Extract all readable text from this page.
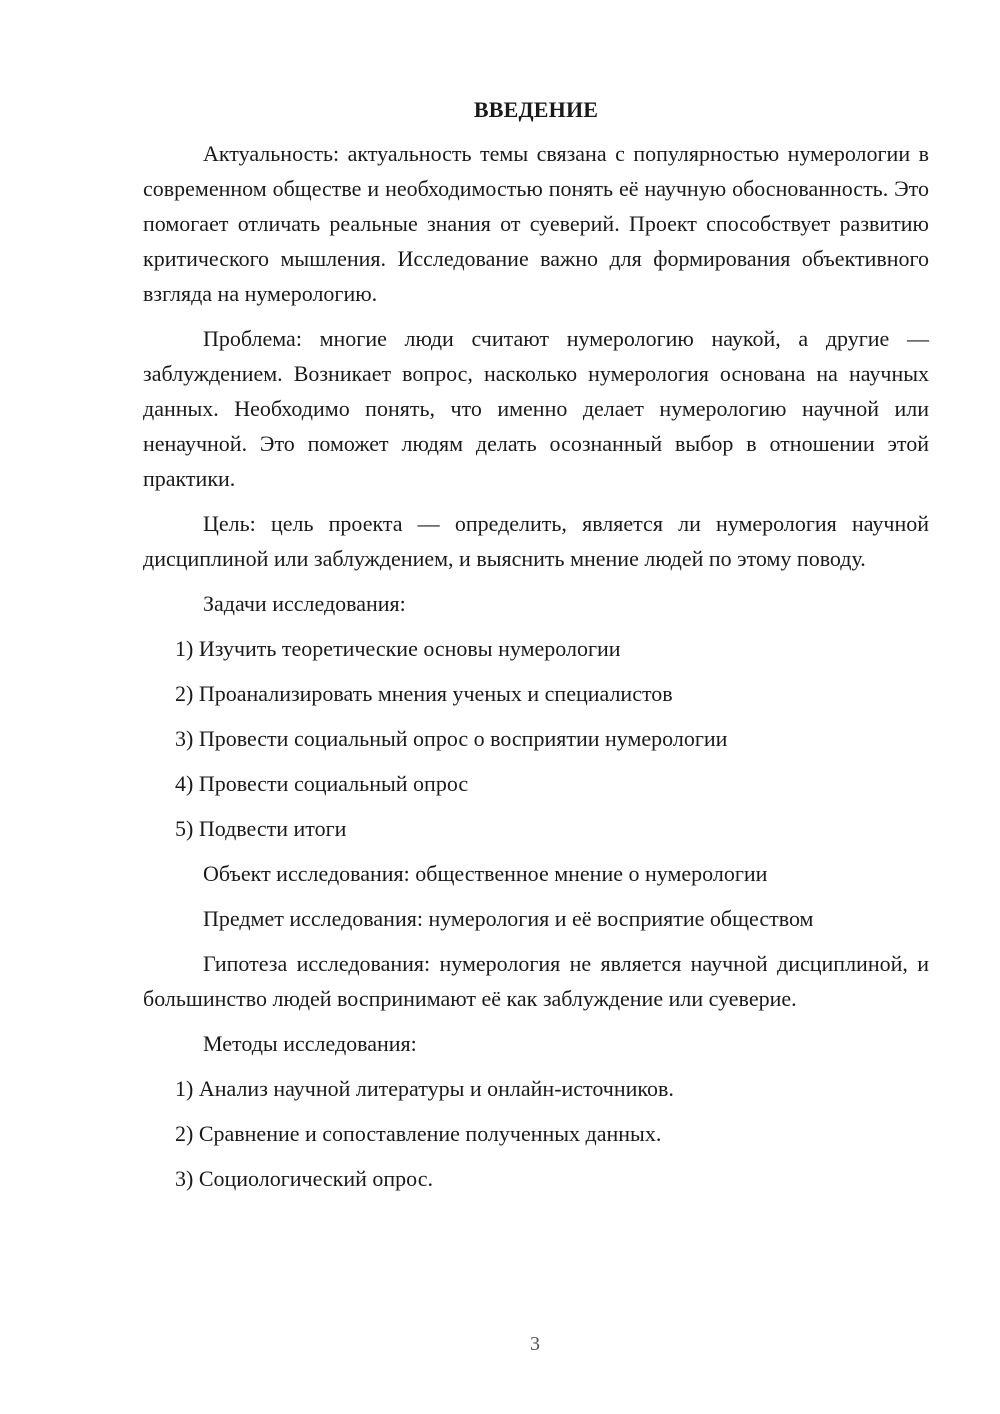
ВВЕДЕНИЕ

Актуальность: актуальность темы связана с популярностью нумерологии в современном обществе и необходимостью понять её научную обоснованность. Это помогает отличать реальные знания от суеверий. Проект способствует развитию критического мышления. Исследование важно для формирования объективного взгляда на нумерологию.

Проблема: многие люди считают нумерологию наукой, а другие — заблуждением. Возникает вопрос, насколько нумерология основана на научных данных. Необходимо понять, что именно делает нумерологию научной или ненаучной. Это поможет людям делать осознанный выбор в отношении этой практики.

Цель: цель проекта — определить, является ли нумерология научной дисциплиной или заблуждением, и выяснить мнение людей по этому поводу.

Задачи исследования:
1) Изучить теоретические основы нумерологии
2) Проанализировать мнения ученых и специалистов
3) Провести социальный опрос о восприятии нумерологии
4) Провести социальный опрос
5) Подвести итоги
Объект исследования: общественное мнение о нумерологии
Предмет исследования: нумерология и её восприятие обществом

Гипотеза исследования: нумерология не является научной дисциплиной, и большинство людей воспринимают её как заблуждение или суеверие.

Методы исследования:
1) Анализ научной литературы и онлайн-источников.
2) Сравнение и сопоставление полученных данных.
3) Социологический опрос.
3
